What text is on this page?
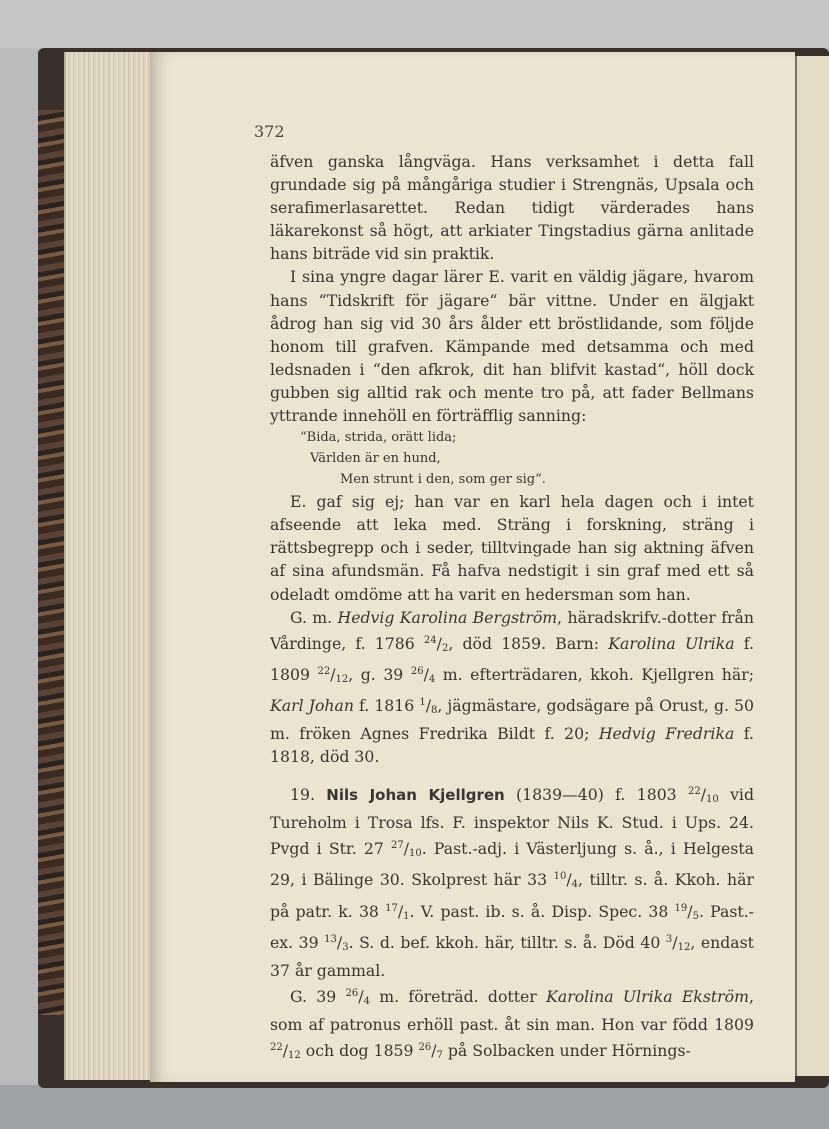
372

äfven ganska långväga. Hans verksamhet i detta fall grundade sig på mångåriga studier i Strengnäs, Upsala och serafimerlasarettet. Redan tidigt värderades hans läkarekonst så högt, att arkiater Tingstadius gärna anlitade hans biträde vid sin praktik.

I sina yngre dagar lärer E. varit en väldig jägare, hvarom hans “Tidskrift för jägare“ bär vittne. Under en älgjakt ådrog han sig vid 30 års ålder ett bröstlidande, som följde honom till grafven. Kämpande med detsamma och med ledsnaden i “den afkrok, dit han blifvit kastad“, höll dock gubben sig alltid rak och mente tro på, att fader Bellmans yttrande innehöll en förträfflig sanning:

“Bida, strida, orätt lida;
Världen är en hund,
Men strunt i den, som ger sig“.

E. gaf sig ej; han var en karl hela dagen och i intet afseende att leka med. Sträng i forskning, sträng i rättsbegrepp och i seder, tilltvingade han sig aktning äfven af sina afundsmän. Få hafva nedstigit i sin graf med ett så odeladt omdöme att ha varit en hedersman som han.

G. m. Hedvig Karolina Bergström, häradskrifv.-dotter från Vårdinge, f. 1786 $^{24}/_2$, död 1859. Barn: Karolina Ulrika f. 1809 $^{22}/_{12}$, g. 39 $^{26}/_4$ m. efterträdaren, kkoh. Kjellgren här; Karl Johan f. 1816 $^1/_8$, jägmästare, godsägare på Orust, g. 50 m. fröken Agnes Fredrika Bildt f. 20; Hedvig Fredrika f. 1818, död 30.

19. Nils Johan Kjellgren (1839—40) f. 1803 $^{22}/_{10}$ vid Tureholm i Trosa lfs. F. inspektor Nils K. Stud. i Ups. 24. Pvgd i Str. 27 $^{27}/_{10}$. Past.-adj. i Västerljung s. å., i Helgesta 29, i Bälinge 30. Skolprest här 33 $^{10}/_4$, tilltr. s. å. Kkoh. här på patr. k. 38 $^{17}/_1$. V. past. ib. s. å. Disp. Spec. 38 $^{19}/_5$. Past.-ex. 39 $^{13}/_3$. S. d. bef. kkoh. här, tilltr. s. å. Död 40 $^3/_{12}$, endast 37 år gammal.

G. 39 $^{26}/_4$ m. företräd. dotter Karolina Ulrika Ekström, som af patronus erhöll past. åt sin man. Hon var född 1809 $^{22}/_{12}$ och dog 1859 $^{26}/_7$ på Solbacken under Hörnings-
